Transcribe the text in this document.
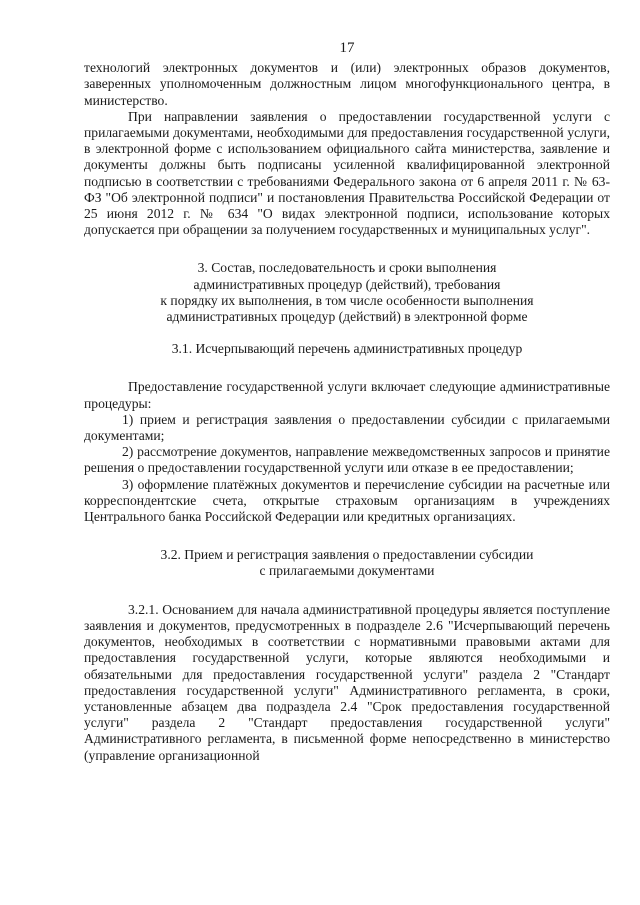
17

технологий электронных документов и (или) электронных образов документов, заверенных уполномоченным должностным лицом многофункционального центра, в министерство.

При направлении заявления о предоставлении государственной услуги с прилагаемыми документами, необходимыми для предоставления государственной услуги, в электронной форме с использованием официального сайта министерства, заявление и документы должны быть подписаны усиленной квалифицированной электронной подписью в соответствии с требованиями Федерального закона от 6 апреля 2011 г. № 63-ФЗ "Об электронной подписи" и постановления Правительства Российской Федерации от 25 июня 2012 г. № 634 "О видах электронной подписи, использование которых допускается при обращении за получением государственных и муниципальных услуг".

3. Состав, последовательность и сроки выполнения
административных процедур (действий), требования
к порядку их выполнения, в том числе особенности выполнения
административных процедур (действий) в электронной форме
3.1. Исчерпывающий перечень административных процедур

Предоставление государственной услуги включает следующие административные процедуры:

1) прием и регистрация заявления о предоставлении субсидии с прилагаемыми документами;

2) рассмотрение документов, направление межведомственных запросов и принятие решения о предоставлении государственной услуги или отказе в ее предоставлении;

3) оформление платёжных документов и перечисление субсидии на расчетные или корреспондентские счета, открытые страховым организациям в учреждениях Центрального банка Российской Федерации или кредитных организациях.

3.2. Прием и регистрация заявления о предоставлении субсидии
с прилагаемыми документами

3.2.1. Основанием для начала административной процедуры является поступление заявления и документов, предусмотренных в подразделе 2.6 "Исчерпывающий перечень документов, необходимых в соответствии с нормативными правовыми актами для предоставления государственной услуги, которые являются необходимыми и обязательными для предоставления государственной услуги" раздела 2 "Стандарт предоставления государственной услуги" Административного регламента, в сроки, установленные абзацем два подраздела 2.4 "Срок предоставления государственной услуги" раздела 2 "Стандарт предоставления государственной услуги" Административного регламента, в письменной форме непосредственно в министерство (управление организационной
